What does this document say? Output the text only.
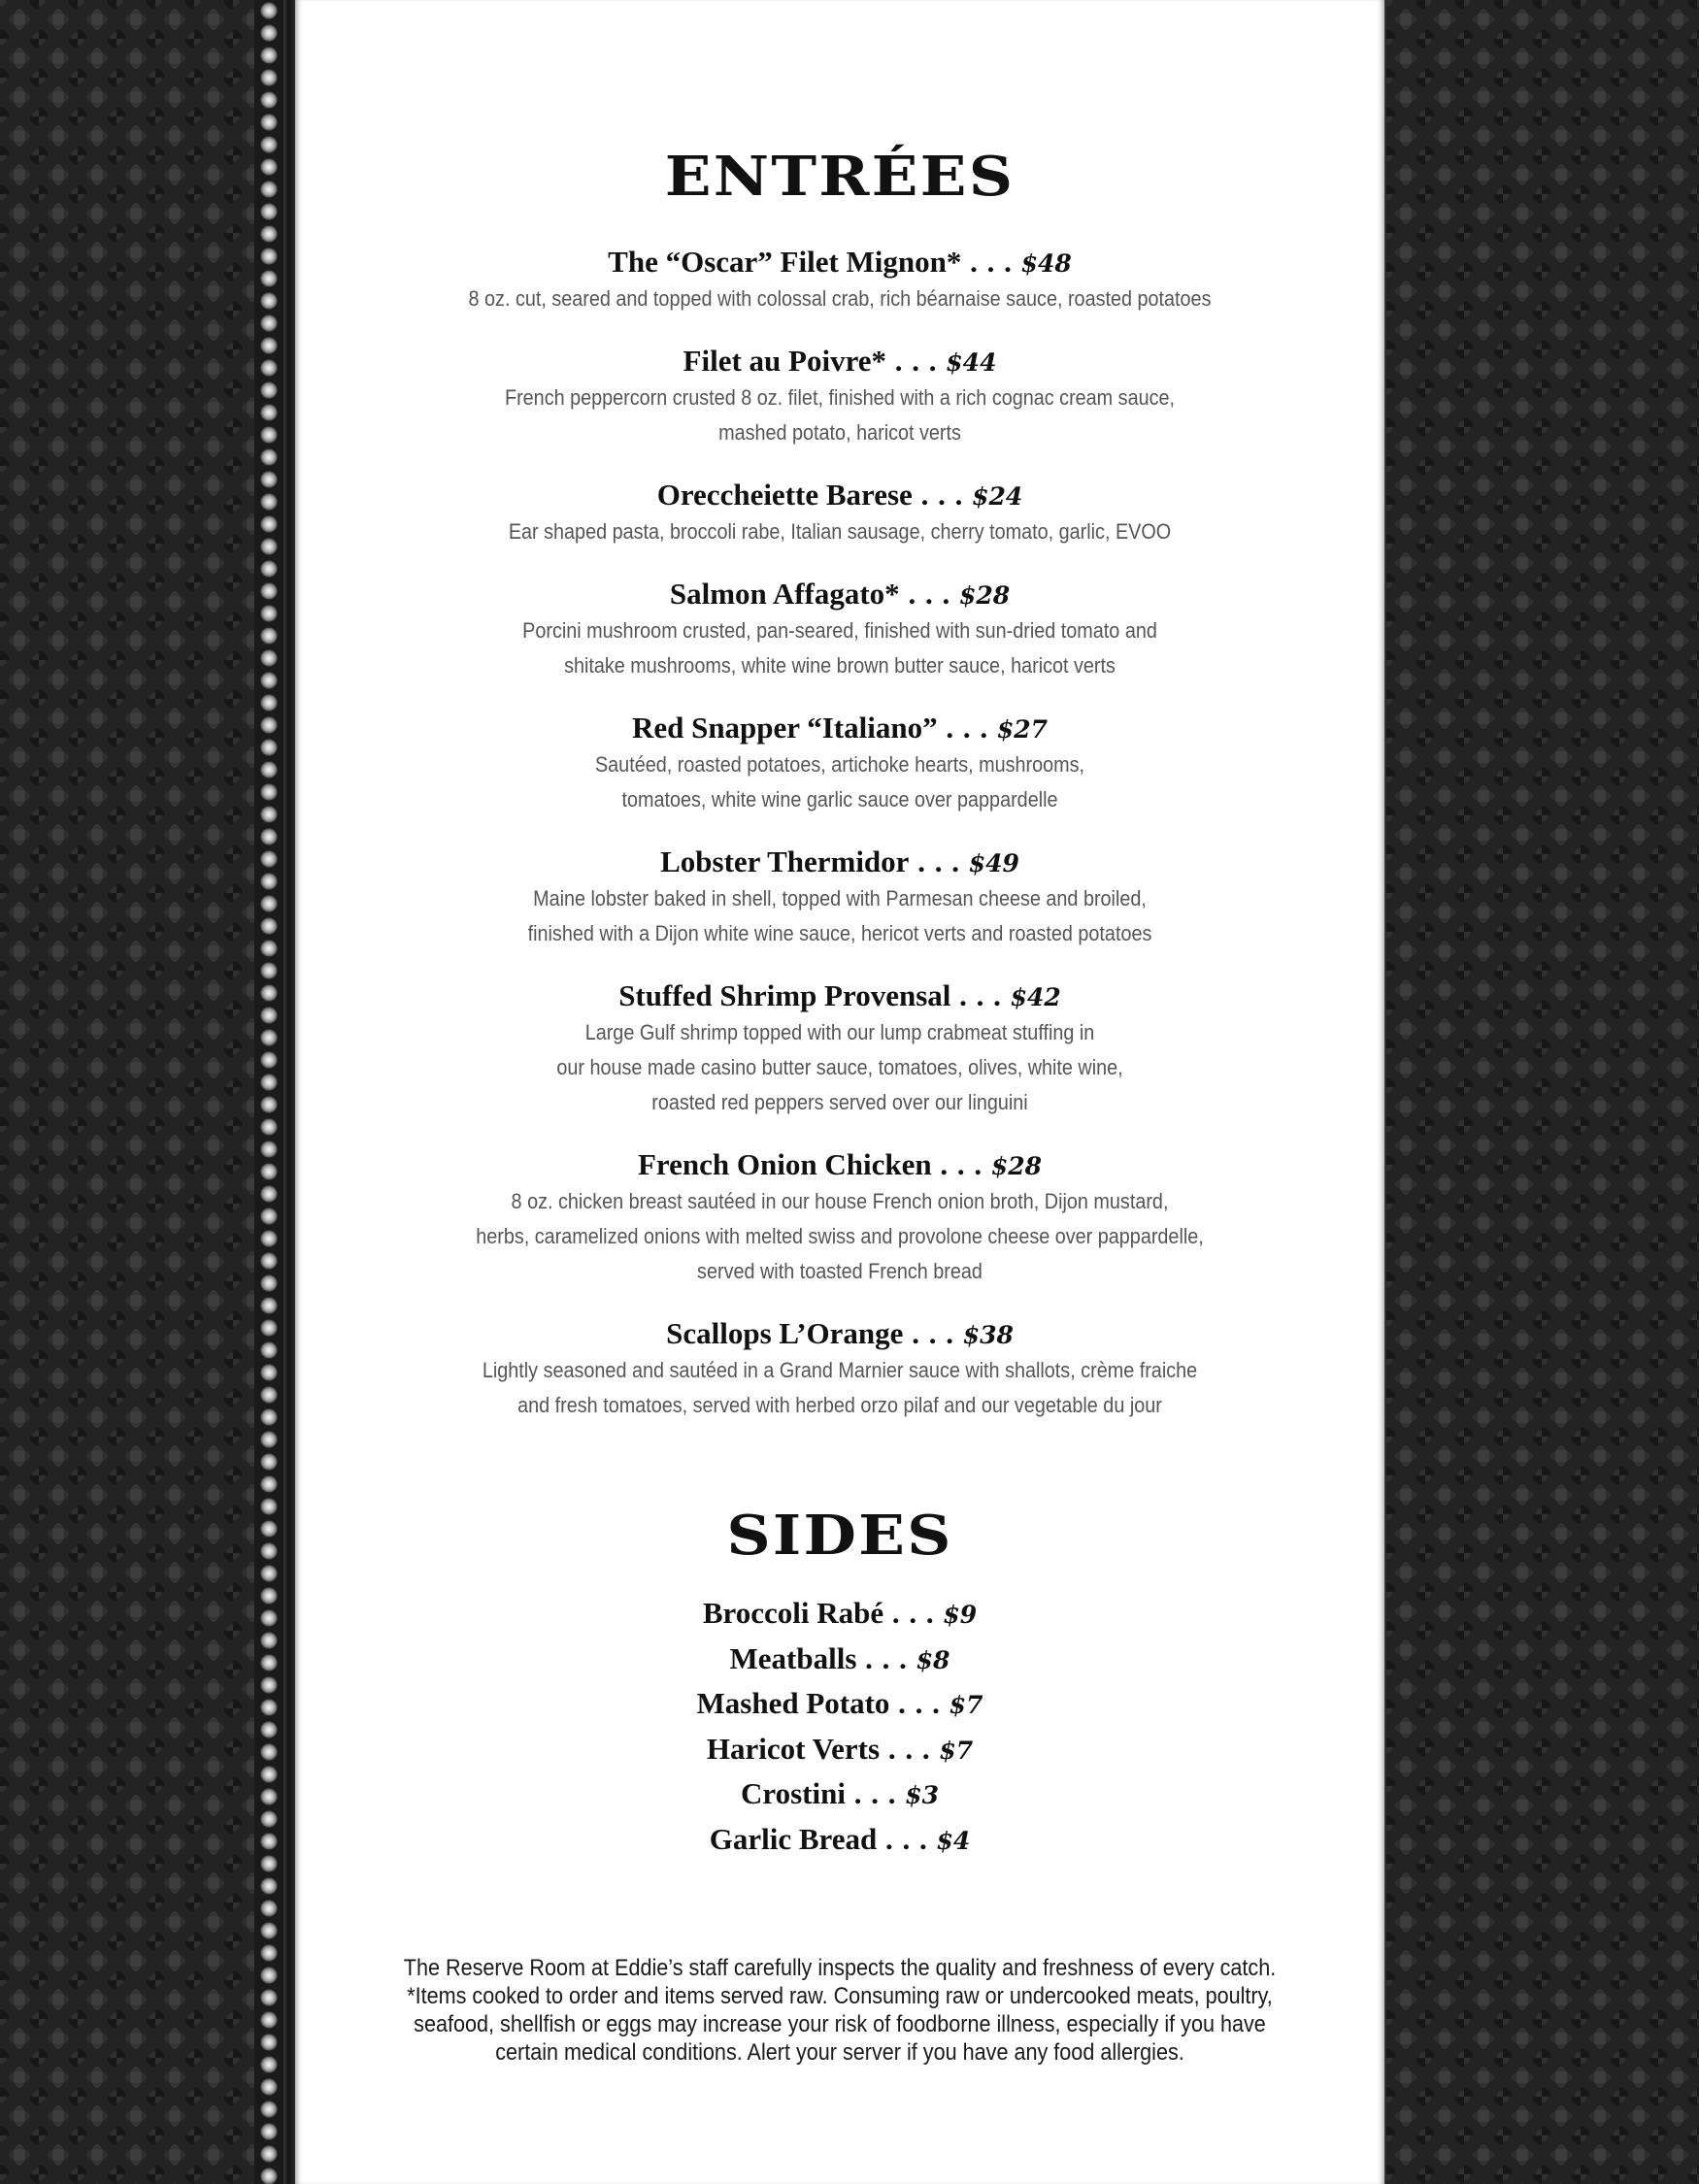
ENTRÉES
The “Oscar” Filet Mignon* . . . $48
8 oz. cut, seared and topped with colossal crab, rich béarnaise sauce, roasted potatoes
Filet au Poivre* . . . $44
French peppercorn crusted 8 oz. filet, finished with a rich cognac cream sauce,
mashed potato, haricot verts
Oreccheiette Barese . . . $24
Ear shaped pasta, broccoli rabe, Italian sausage, cherry tomato, garlic, EVOO
Salmon Affagato* . . . $28
Porcini mushroom crusted, pan-seared, finished with sun-dried tomato and
shitake mushrooms, white wine brown butter sauce, haricot verts
Red Snapper “Italiano” . . . $27
Sautéed, roasted potatoes, artichoke hearts, mushrooms,
tomatoes, white wine garlic sauce over pappardelle
Lobster Thermidor . . . $49
Maine lobster baked in shell, topped with Parmesan cheese and broiled,
finished with a Dijon white wine sauce, hericot verts and roasted potatoes
Stuffed Shrimp Provensal . . . $42
Large Gulf shrimp topped with our lump crabmeat stuffing in
our house made casino butter sauce, tomatoes, olives, white wine,
roasted red peppers served over our linguini
French Onion Chicken . . . $28
8 oz. chicken breast sautéed in our house French onion broth, Dijon mustard,
herbs, caramelized onions with melted swiss and provolone cheese over pappardelle,
served with toasted French bread
Scallops L’Orange . . . $38
Lightly seasoned and sautéed in a Grand Marnier sauce with shallots, crème fraiche
and fresh tomatoes, served with herbed orzo pilaf and our vegetable du jour
SIDES
Broccoli Rabé . . . $9
Meatballs . . . $8
Mashed Potato . . . $7
Haricot Verts . . . $7
Crostini . . . $3
Garlic Bread . . . $4
The Reserve Room at Eddie’s staff carefully inspects the quality and freshness of every catch.
*Items cooked to order and items served raw. Consuming raw or undercooked meats, poultry,
seafood, shellfish or eggs may increase your risk of foodborne illness, especially if you have
certain medical conditions. Alert your server if you have any food allergies.
